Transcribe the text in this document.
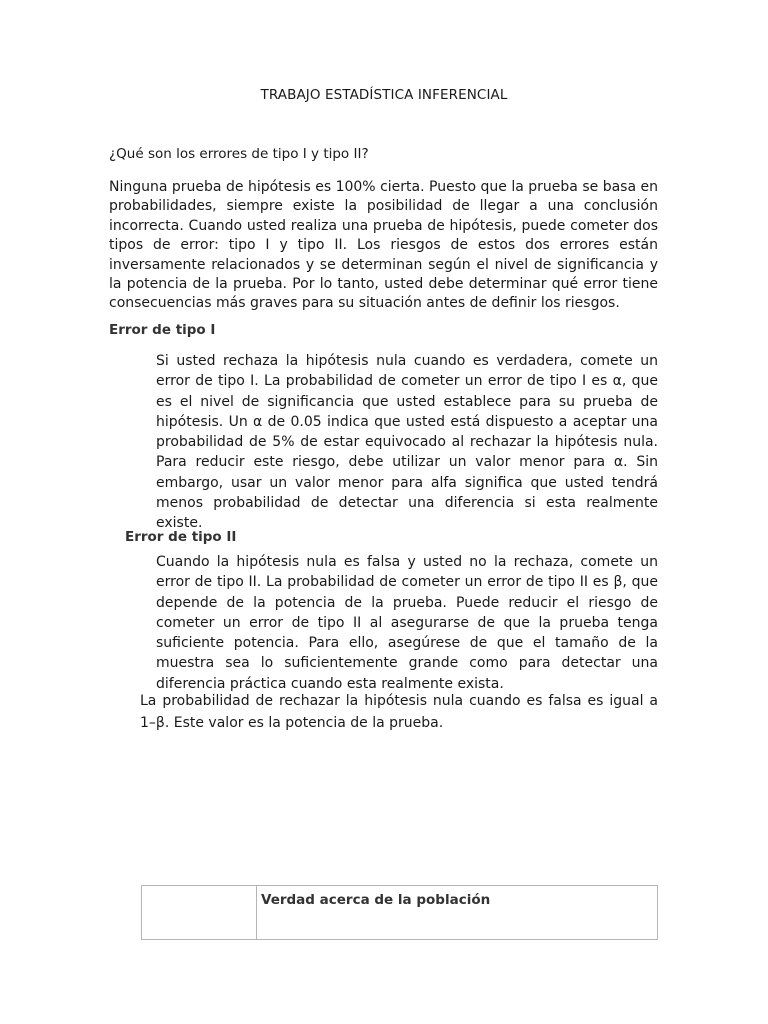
TRABAJO ESTADÍSTICA INFERENCIAL
¿Qué son los errores de tipo I y tipo II?

Ninguna prueba de hipótesis es 100% cierta. Puesto que la prueba se basa en probabilidades, siempre existe la posibilidad de llegar a una conclusión incorrecta. Cuando usted realiza una prueba de hipótesis, puede cometer dos tipos de error: tipo I y tipo II. Los riesgos de estos dos errores están inversamente relacionados y se determinan según el nivel de significancia y la potencia de la prueba. Por lo tanto, usted debe determinar qué error tiene consecuencias más graves para su situación antes de definir los riesgos.

Error de tipo I

Si usted rechaza la hipótesis nula cuando es verdadera, comete un error de tipo I. La probabilidad de cometer un error de tipo I es α, que es el nivel de significancia que usted establece para su prueba de hipótesis. Un α de 0.05 indica que usted está dispuesto a aceptar una probabilidad de 5% de estar equivocado al rechazar la hipótesis nula. Para reducir este riesgo, debe utilizar un valor menor para α. Sin embargo, usar un valor menor para alfa significa que usted tendrá menos probabilidad de detectar una diferencia si esta realmente existe.

Error de tipo II

Cuando la hipótesis nula es falsa y usted no la rechaza, comete un error de tipo II. La probabilidad de cometer un error de tipo II es β, que depende de la potencia de la prueba. Puede reducir el riesgo de cometer un error de tipo II al asegurarse de que la prueba tenga suficiente potencia. Para ello, asegúrese de que el tamaño de la muestra sea lo suficientemente grande como para detectar una diferencia práctica cuando esta realmente exista.

La probabilidad de rechazar la hipótesis nula cuando es falsa es igual a 1–β. Este valor es la potencia de la prueba.

	Verdad acerca de la población
